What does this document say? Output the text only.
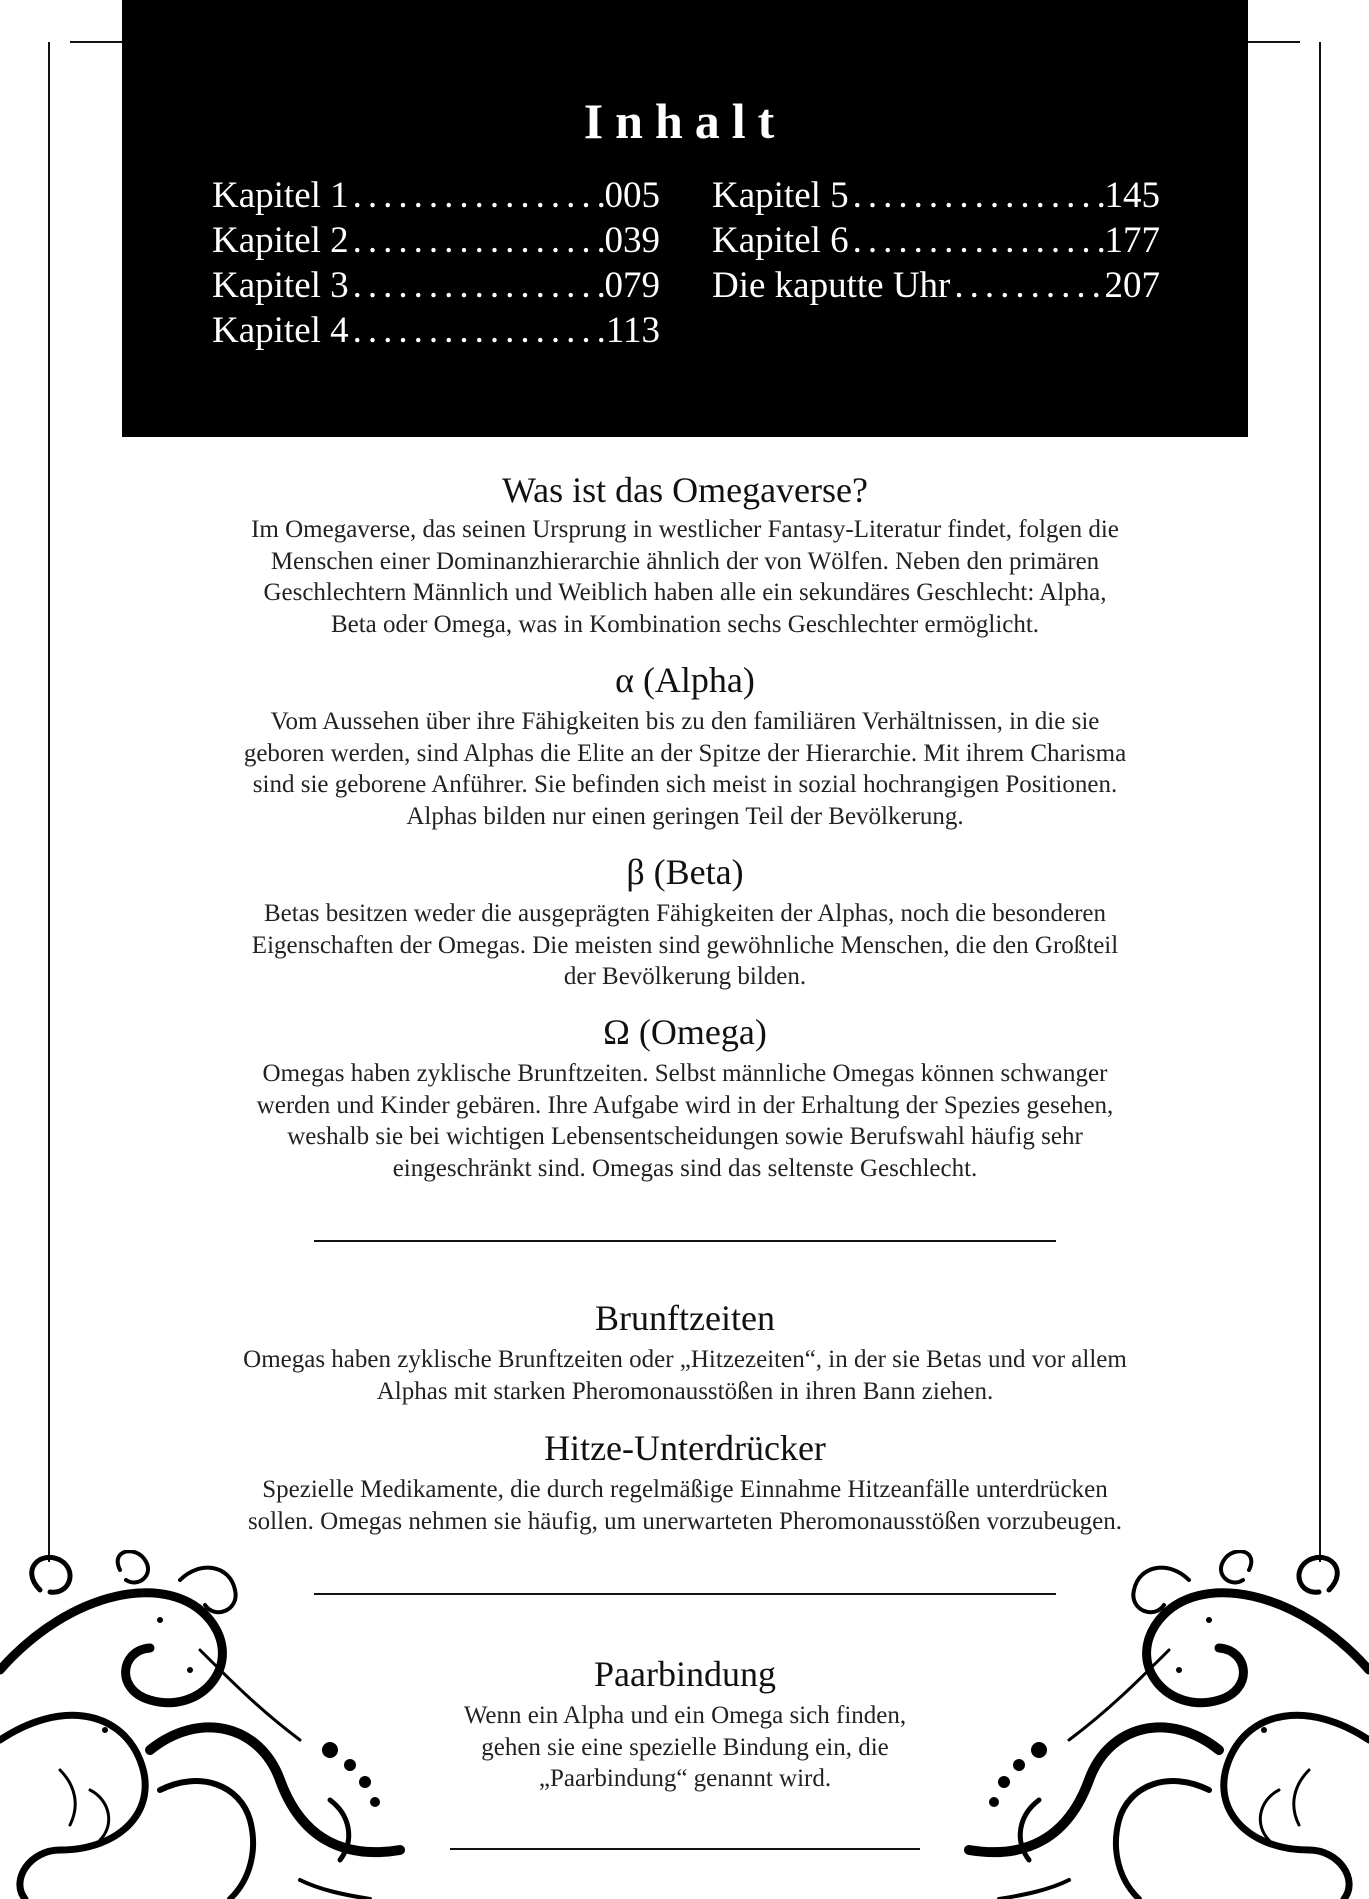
Inhalt
Kapitel 1 .....	005
Kapitel 2 .....	039
Kapitel 3 .....	079
Kapitel 4 .....	113
Kapitel 5 .....	145
Kapitel 6 .....	177
Die kaputte Uhr .....	207
Was ist das Omegaverse?
Im Omegaverse, das seinen Ursprung in westlicher Fantasy-Literatur findet, folgen die
Menschen einer Dominanzhierarchie ähnlich der von Wölfen. Neben den primären
Geschlechtern Männlich und Weiblich haben alle ein sekundäres Geschlecht: Alpha,
Beta oder Omega, was in Kombination sechs Geschlechter ermöglicht.
α (Alpha)
Vom Aussehen über ihre Fähigkeiten bis zu den familiären Verhältnissen, in die sie
geboren werden, sind Alphas die Elite an der Spitze der Hierarchie. Mit ihrem Charisma
sind sie geborene Anführer. Sie befinden sich meist in sozial hochrangigen Positionen.
Alphas bilden nur einen geringen Teil der Bevölkerung.
β (Beta)
Betas besitzen weder die ausgeprägten Fähigkeiten der Alphas, noch die besonderen
Eigenschaften der Omegas. Die meisten sind gewöhnliche Menschen, die den Großteil
der Bevölkerung bilden.
Ω (Omega)
Omegas haben zyklische Brunftzeiten. Selbst männliche Omegas können schwanger
werden und Kinder gebären. Ihre Aufgabe wird in der Erhaltung der Spezies gesehen,
weshalb sie bei wichtigen Lebensentscheidungen sowie Berufswahl häufig sehr
eingeschränkt sind. Omegas sind das seltenste Geschlecht.
Brunftzeiten
Omegas haben zyklische Brunftzeiten oder „Hitzezeiten“, in der sie Betas und vor allem
Alphas mit starken Pheromonausstößen in ihren Bann ziehen.
Hitze-Unterdrücker
Spezielle Medikamente, die durch regelmäßige Einnahme Hitzeanfälle unterdrücken
sollen. Omegas nehmen sie häufig, um unerwarteten Pheromonausstößen vorzubeugen.
Paarbindung
Wenn ein Alpha und ein Omega sich finden,
gehen sie eine spezielle Bindung ein, die
„Paarbindung“ genannt wird.
